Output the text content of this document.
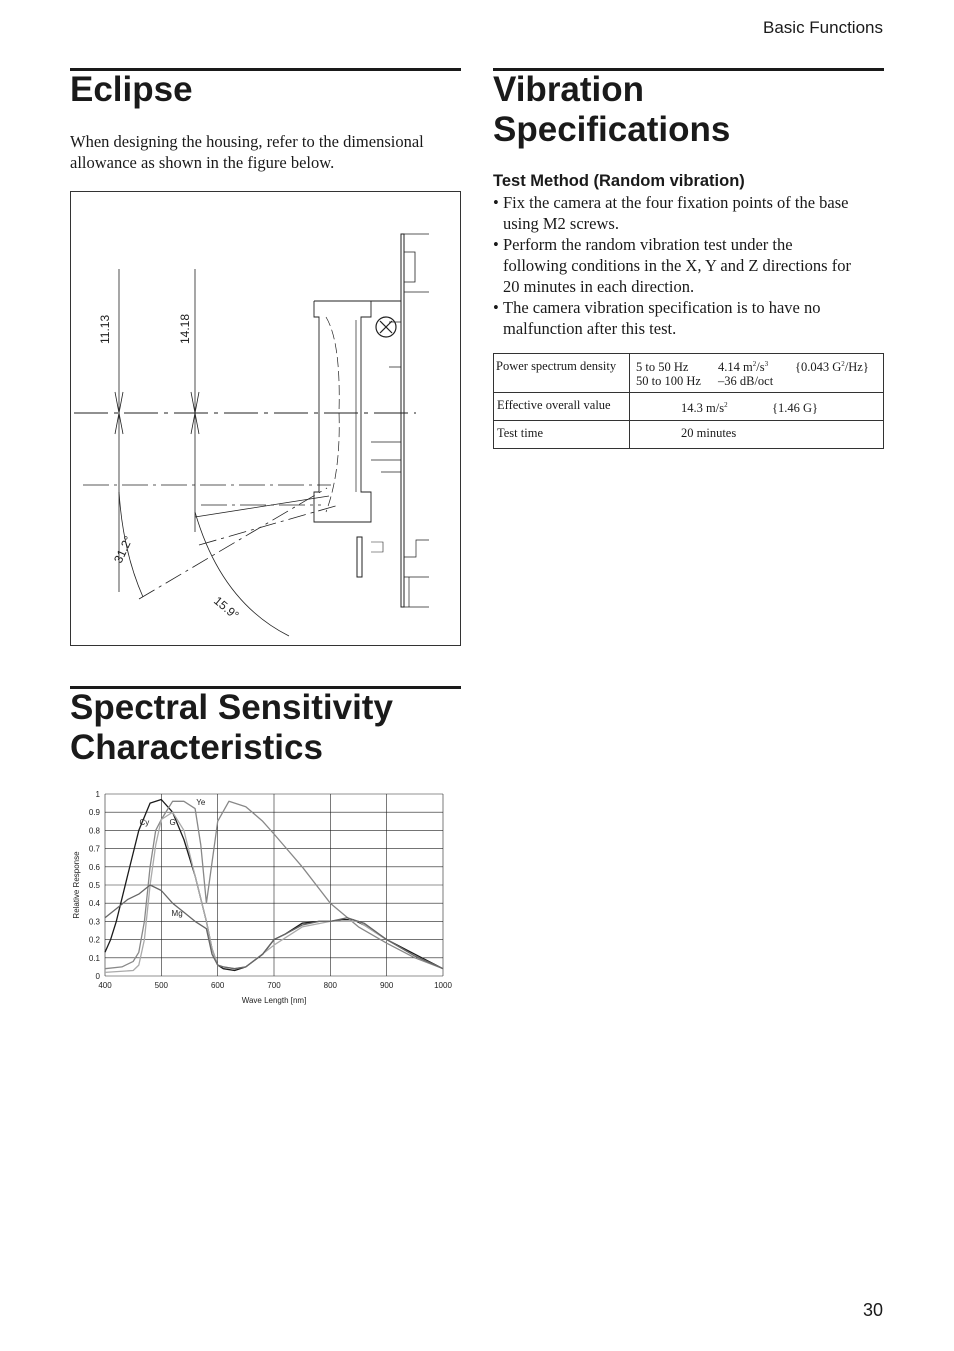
Basic Functions
Eclipse
When designing the housing, refer to the dimensional
allowance as shown in the figure below.
11.13	14.18
31.2°
15.9°
Vibration
Specifications
Test Method (Random vibration)
• Fix the camera at the four fixation points of the base
using M2 screws.
• Perform the random vibration test under the
following conditions in the X, Y and Z directions for
20 minutes in each direction.
• The camera vibration specification is to have no
malfunction after this test.
Power spectrum density	5 to 50 Hz 4.14 $m^2/s^3$ {0.043 $G^2/Hz$}
50 to 100 Hz –36 dB/oct

Effective overall value	14.3 $m/s^2$ {1.46 G}
Test time	20 minutes
Spectral Sensitivity
Characteristics
0
0.1
0.2
0.3
0.4
0.5
0.6
0.7
0.8
0.9
1
400	500	600	700	800	900	1000
Wave Length [nm]
Relative Response
Cy	G
Ye
Mg
30
